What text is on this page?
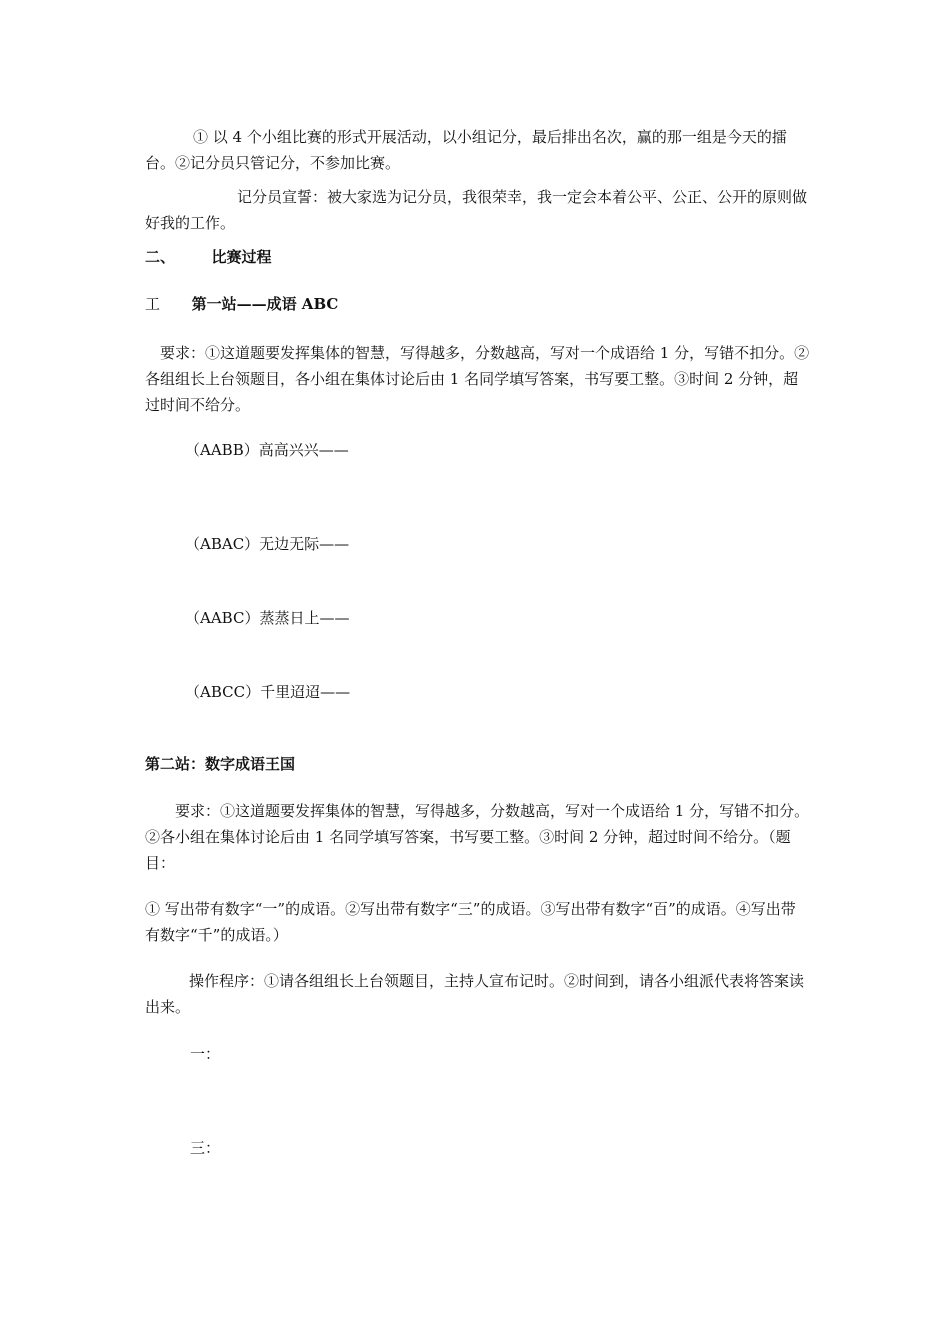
① 以 4 个小组比赛的形式开展活动，以小组记分，最后排出名次，赢的那一组是今天的擂台。②记分员只管记分，不参加比赛。

记分员宣誓：被大家选为记分员，我很荣幸，我一定会本着公平、公正、公开的原则做好我的工作。

二、 比赛过程
工 第一站——成语 ABC

要求：①这道题要发挥集体的智慧，写得越多，分数越高，写对一个成语给 1 分，写错不扣分。②各组组长上台领题目，各小组在集体讨论后由 1 名同学填写答案，书写要工整。③时间 2 分钟，超过时间不给分。

（AABB）高高兴兴——
（ABAC）无边无际——
（AABC）蒸蒸日上——
（ABCC）千里迢迢——
第二站：数字成语王国

要求：①这道题要发挥集体的智慧，写得越多，分数越高，写对一个成语给 1 分，写错不扣分。②各小组在集体讨论后由 1 名同学填写答案，书写要工整。③时间 2 分钟，超过时间不给分。（题目：

① 写出带有数字“一”的成语。②写出带有数字“三”的成语。③写出带有数字“百”的成语。④写出带有数字“千”的成语。）

操作程序：①请各组组长上台领题目，主持人宣布记时。②时间到，请各小组派代表将答案读出来。

一：
三：
